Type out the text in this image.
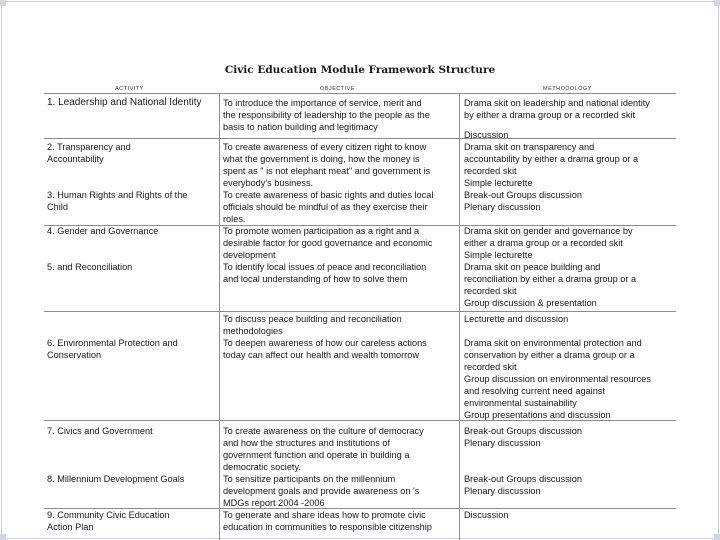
Civic Education Module Framework Structure
ACTIVITY	OBJECTIVE	METHODOLOGY
1. Leadership and National Identity
2. Transparency and
Accountability
3. Human Rights and Rights of the
Child
4. Gender and Governance
5. and Reconciliation
6. Environmental Protection and
Conservation
7. Civics and Government
8. Millennium Development Goals
9. Community Civic Education
Action Plan
To introduce the importance of service, merit and
the responsibility of leadership to the people as the
basis to nation building and legitimacy
To create awareness of every citizen right to know
what the government is doing, how the money is
spent as " is not elephant meat" and government is
everybody's business.
To create awareness of basic rights and duties local
officials should be mindful of as they exercise their
roles.
To promote women participation as a right and a
desirable factor for good governance and economic
development
To identify local issues of peace and reconciliation
and local understanding of how to solve them
To discuss peace building and reconciliation
methodologies
To deepen awareness of how our careless actions
today can affect our health and wealth tomorrow
To create awareness on the culture of democracy
and how the structures and institutions of
government function and operate in building a
democratic society.
To sensitize participants on the millennium
development goals and provide awareness on 's
MDGs report 2004 -2006
To generate and share ideas how to promote civic
education in communities to responsible citizenship
Drama skit on leadership and national identity
by either a drama group or a recorded skit
Discussion
Drama skit on transparency and
accountability by either a drama group or a
recorded skit
Simple lecturette
Break-out Groups discussion
Plenary discussion
Drama skit on gender and governance by
either a drama group or a recorded skit
Simple lecturette
Drama skit on peace building and
reconciliation by either a drama group or a
recorded skit
Group discussion & presentation
Lecturette and discussion
Drama skit on environmental protection and
conservation by either a drama group or a
recorded skit
Group discussion on environmental resources
and resolving current need against
environmental sustainability
Group presentations and discussion
Break-out Groups discussion
Plenary discussion
Break-out Groups discussion
Plenary discussion
Discussion
